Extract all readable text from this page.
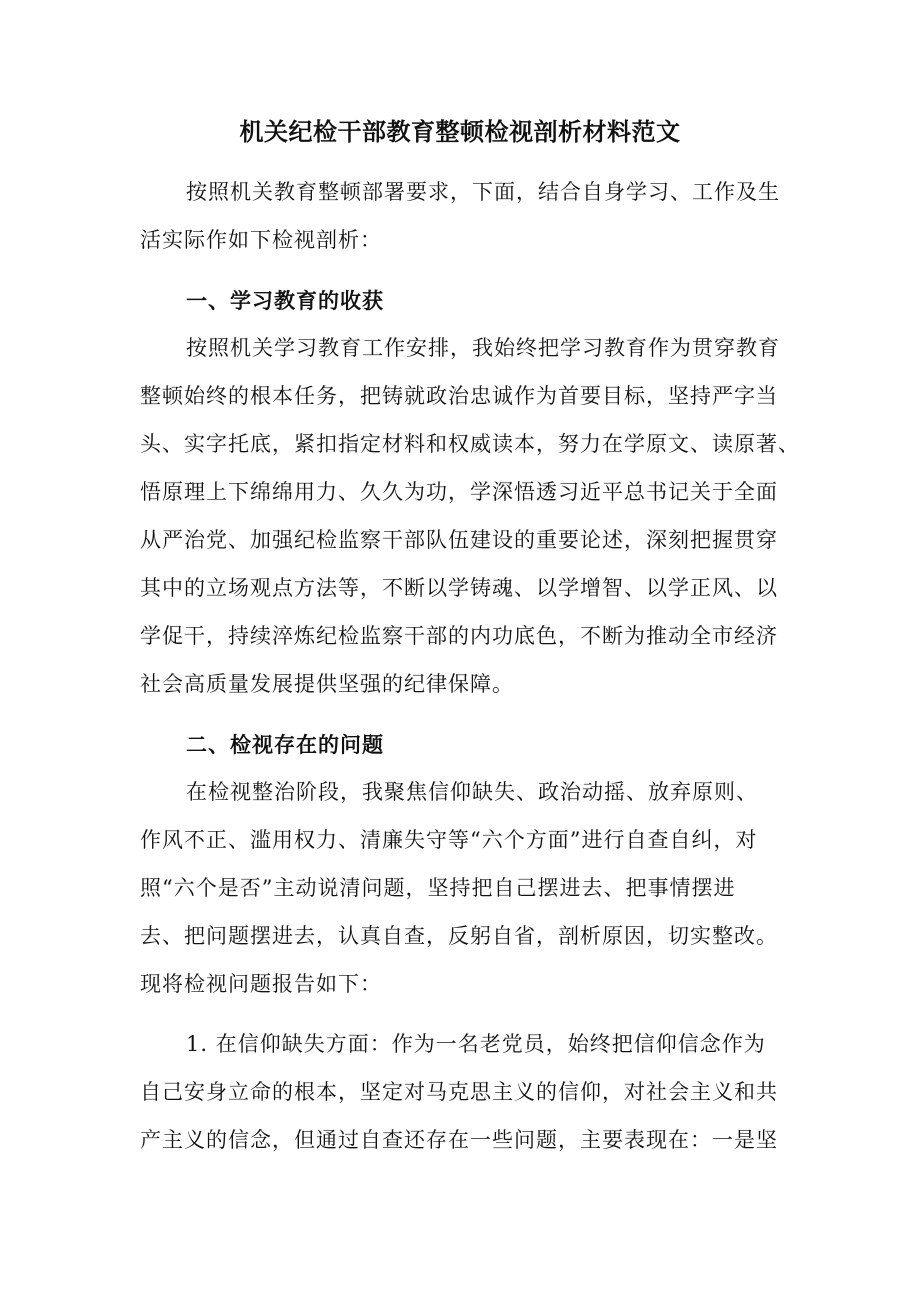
机关纪检干部教育整顿检视剖析材料范文
按照机关教育整顿部署要求，下面，结合自身学习、工作及生
活实际作如下检视剖析：
一、学习教育的收获
按照机关学习教育工作安排，我始终把学习教育作为贯穿教育
整顿始终的根本任务，把铸就政治忠诚作为首要目标，坚持严字当
头、实字托底，紧扣指定材料和权威读本，努力在学原文、读原著、
悟原理上下绵绵用力、久久为功，学深悟透习近平总书记关于全面
从严治党、加强纪检监察干部队伍建设的重要论述，深刻把握贯穿
其中的立场观点方法等，不断以学铸魂、以学增智、以学正风、以
学促干，持续淬炼纪检监察干部的内功底色，不断为推动全市经济
社会高质量发展提供坚强的纪律保障。
二、检视存在的问题
在检视整治阶段，我聚焦信仰缺失、政治动摇、放弃原则、
作风不正、滥用权力、清廉失守等“六个方面”进行自查自纠，对
照“六个是否”主动说清问题，坚持把自己摆进去、把事情摆进
去、把问题摆进去，认真自查，反躬自省，剖析原因，切实整改。
现将检视问题报告如下：
1. 在信仰缺失方面：作为一名老党员，始终把信仰信念作为
自己安身立命的根本，坚定对马克思主义的信仰，对社会主义和共
产主义的信念，但通过自查还存在一些问题，主要表现在：一是坚
